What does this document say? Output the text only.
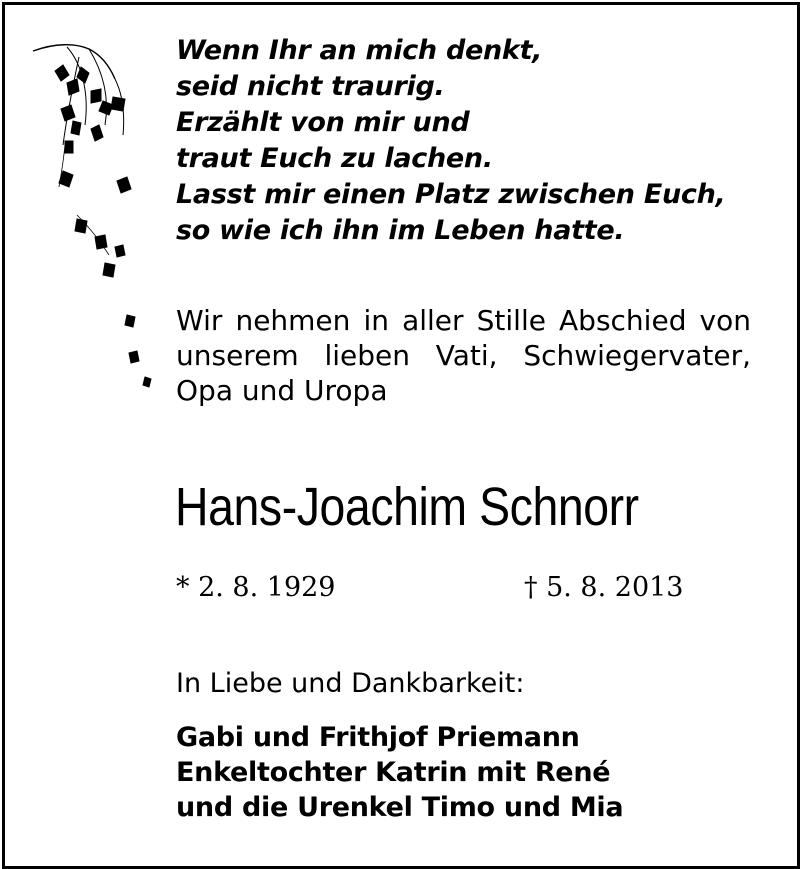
Wenn Ihr an mich denkt,
seid nicht traurig.
Erzählt von mir und
traut Euch zu lachen.
Lasst mir einen Platz zwischen Euch,
so wie ich ihn im Leben hatte.
Wir nehmen in aller Stille Abschied von
unserem lieben Vati, Schwiegervater,
Opa und Uropa
Hans-Joachim Schnorr
* 2. 8. 1929	† 5. 8. 2013
In Liebe und Dankbarkeit:
Gabi und Frithjof Priemann
Enkeltochter Katrin mit René
und die Urenkel Timo und Mia
